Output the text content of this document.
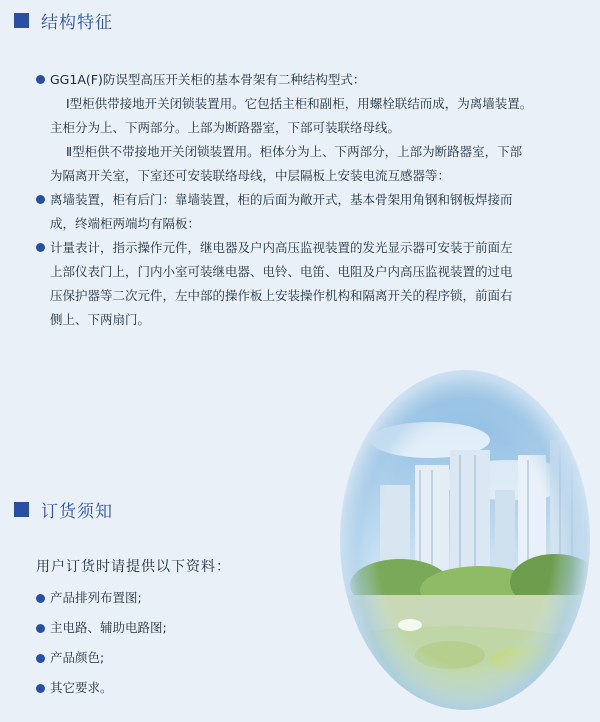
结构特征
GG1A(F)防误型高压开关柜的基本骨架有二种结构型式：
Ⅰ型柜供带接地开关闭锁装置用。它包括主柜和副柜，用螺栓联结而成，为离墙装置。
主柜分为上、下两部分。上部为断路器室，下部可装联络母线。
Ⅱ型柜供不带接地开关闭锁装置用。柜体分为上、下两部分，上部为断路器室，下部
为隔离开关室，下室还可安装联络母线，中层隔板上安装电流互感器等：
离墙装置，柜有后门：靠墙装置，柜的后面为敞开式，基本骨架用角钢和钢板焊接而
成，终端柜两端均有隔板：
计量表计，指示操作元件，继电器及户内高压监视装置的发光显示器可安装于前面左
上部仪表门上，门内小室可装继电器、电铃、电笛、电阻及户内高压监视装置的过电
压保护器等二次元件，左中部的操作板上安装操作机构和隔离开关的程序锁，前面右
侧上、下两扇门。
订货须知
用户订货时请提供以下资料：
产品排列布置图;
主电路、辅助电路图;
产品颜色;
其它要求。
